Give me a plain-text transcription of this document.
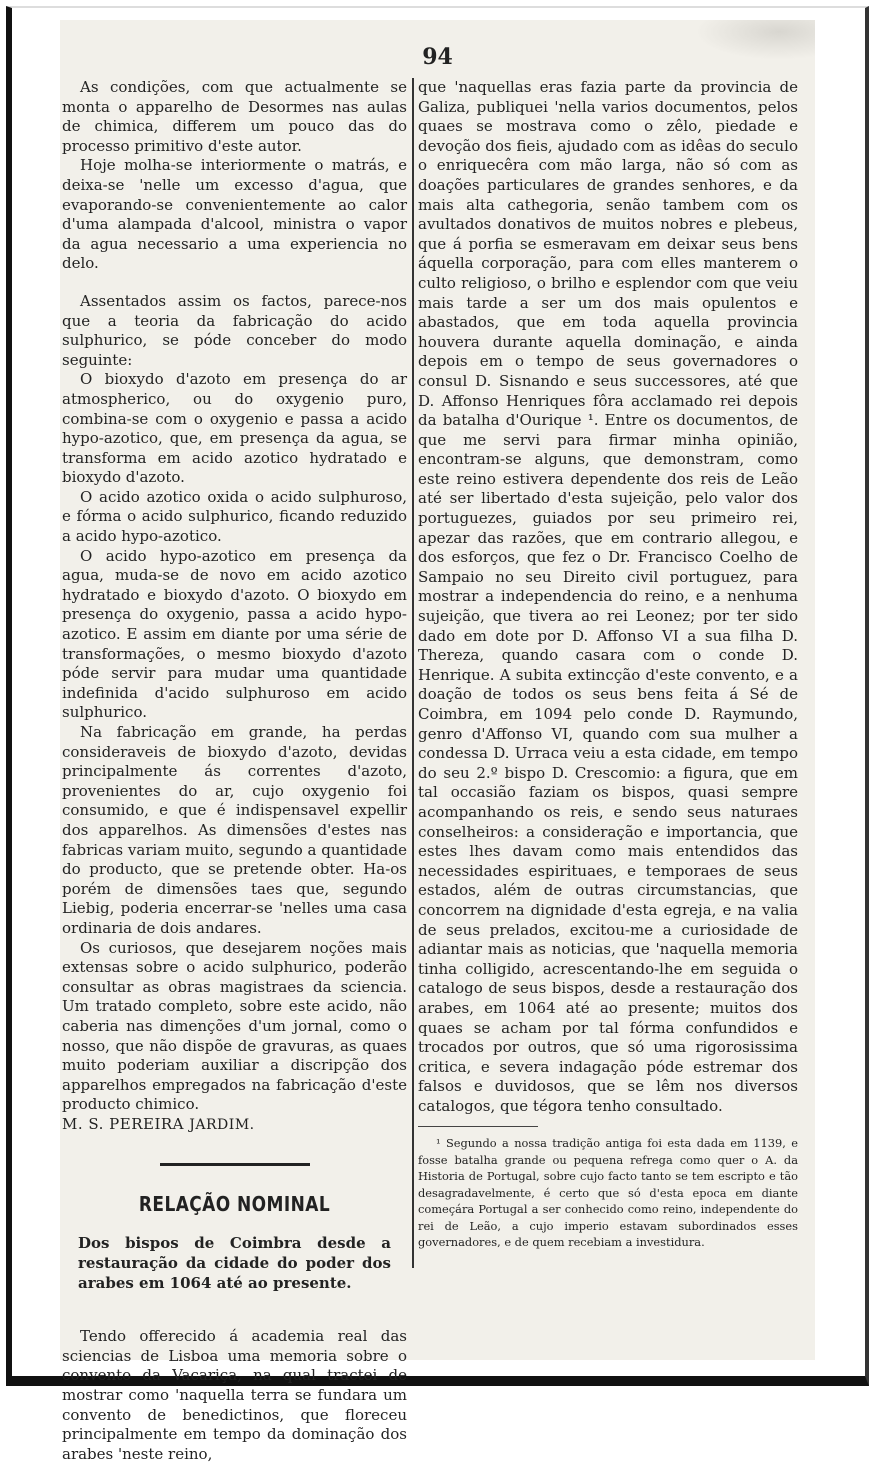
94

As condições, com que actualmente se monta o apparelho de Desormes nas aulas de chimica, differem um pouco das do processo primitivo d'este autor.

Hoje molha-se interiormente o matrás, e deixa-se 'nelle um excesso d'agua, que evaporando-se convenientemente ao calor d'uma alampada d'alcool, ministra o vapor da agua necessario a uma experiencia no delo.

Assentados assim os factos, parece-nos que a teoria da fabricação do acido sulphurico, se póde conceber do modo seguinte:

O bioxydo d'azoto em presença do ar atmospherico, ou do oxygenio puro, combina-se com o oxygenio e passa a acido hypo-azotico, que, em presença da agua, se transforma em acido azotico hydratado e bioxydo d'azoto.

O acido azotico oxida o acido sulphuroso, e fórma o acido sulphurico, ficando reduzido a acido hypo-azotico.

O acido hypo-azotico em presença da agua, muda-se de novo em acido azotico hydratado e bioxydo d'azoto. O bioxydo em presença do oxygenio, passa a acido hypo-azotico. E assim em diante por uma série de transformações, o mesmo bioxydo d'azoto póde servir para mudar uma quantidade indefinida d'acido sulphuroso em acido sulphurico.

Na fabricação em grande, ha perdas consideraveis de bioxydo d'azoto, devidas principalmente ás correntes d'azoto, provenientes do ar, cujo oxygenio foi consumido, e que é indispensavel expellir dos apparelhos. As dimensões d'estes nas fabricas variam muito, segundo a quantidade do producto, que se pretende obter. Ha-os porém de dimensões taes que, segundo Liebig, poderia encerrar-se 'nelles uma casa ordinaria de dois andares.

Os curiosos, que desejarem noções mais extensas sobre o acido sulphurico, poderão consultar as obras magistraes da sciencia. Um tratado completo, sobre este acido, não caberia nas dimenções d'um jornal, como o nosso, que não dispõe de gravuras, as quaes muito poderiam auxiliar a discripção dos apparelhos empregados na fabricação d'este producto chimico.

M. S. PEREIRA JARDIM.

RELAÇÃO NOMINAL

Dos bispos de Coimbra desde a restauração da cidade do poder dos arabes em 1064 até ao presente.

Tendo offerecido á academia real das sciencias de Lisboa uma memoria sobre o convento da Vacariça, na qual tractei de mostrar como 'naquella terra se fundara um convento de benedictinos, que floreceu principalmente em tempo da dominação dos arabes 'neste reino,

que 'naquellas eras fazia parte da provincia de Galiza, publiquei 'nella varios documentos, pelos quaes se mostrava como o zêlo, piedade e devoção dos fieis, ajudado com as idêas do seculo o enriquecêra com mão larga, não só com as doações particulares de grandes senhores, e da mais alta cathegoria, senão tambem com os avultados donativos de muitos nobres e plebeus, que á porfia se esmeravam em deixar seus bens áquella corporação, para com elles manterem o culto religioso, o brilho e esplendor com que veiu mais tarde a ser um dos mais opulentos e abastados, que em toda aquella provincia houvera durante aquella dominação, e ainda depois em o tempo de seus governadores o consul D. Sisnando e seus successores, até que D. Affonso Henriques fôra acclamado rei depois da batalha d'Ourique ¹. Entre os documentos, de que me servi para firmar minha opinião, encontram-se alguns, que demonstram, como este reino estivera dependente dos reis de Leão até ser libertado d'esta sujeição, pelo valor dos portuguezes, guiados por seu primeiro rei, apezar das razões, que em contrario allegou, e dos esforços, que fez o Dr. Francisco Coelho de Sampaio no seu Direito civil portuguez, para mostrar a independencia do reino, e a nenhuma sujeição, que tivera ao rei Leonez; por ter sido dado em dote por D. Affonso VI a sua filha D. Thereza, quando casara com o conde D. Henrique. A subita extincção d'este convento, e a doação de todos os seus bens feita á Sé de Coimbra, em 1094 pelo conde D. Raymundo, genro d'Affonso VI, quando com sua mulher a condessa D. Urraca veiu a esta cidade, em tempo do seu 2.º bispo D. Crescomio: a figura, que em tal occasião faziam os bispos, quasi sempre acompanhando os reis, e sendo seus naturaes conselheiros: a consideração e importancia, que estes lhes davam como mais entendidos das necessidades espirituaes, e temporaes de seus estados, além de outras circumstancias, que concorrem na dignidade d'esta egreja, e na valia de seus prelados, excitou-me a curiosidade de adiantar mais as noticias, que 'naquella memoria tinha colligido, acrescentando-lhe em seguida o catalogo de seus bispos, desde a restauração dos arabes, em 1064 até ao presente; muitos dos quaes se acham por tal fórma confundidos e trocados por outros, que só uma rigorosissima critica, e severa indagação póde estremar dos falsos e duvidosos, que se lêm nos diversos catalogos, que tégora tenho consultado.

¹ Segundo a nossa tradição antiga foi esta dada em 1139, e fosse batalha grande ou pequena refrega como quer o A. da Historia de Portugal, sobre cujo facto tanto se tem escripto e tão desagradavelmente, é certo que só d'esta epoca em diante começára Portugal a ser conhecido como reino, independente do rei de Leão, a cujo imperio estavam subordinados esses governadores, e de quem recebiam a investidura.
